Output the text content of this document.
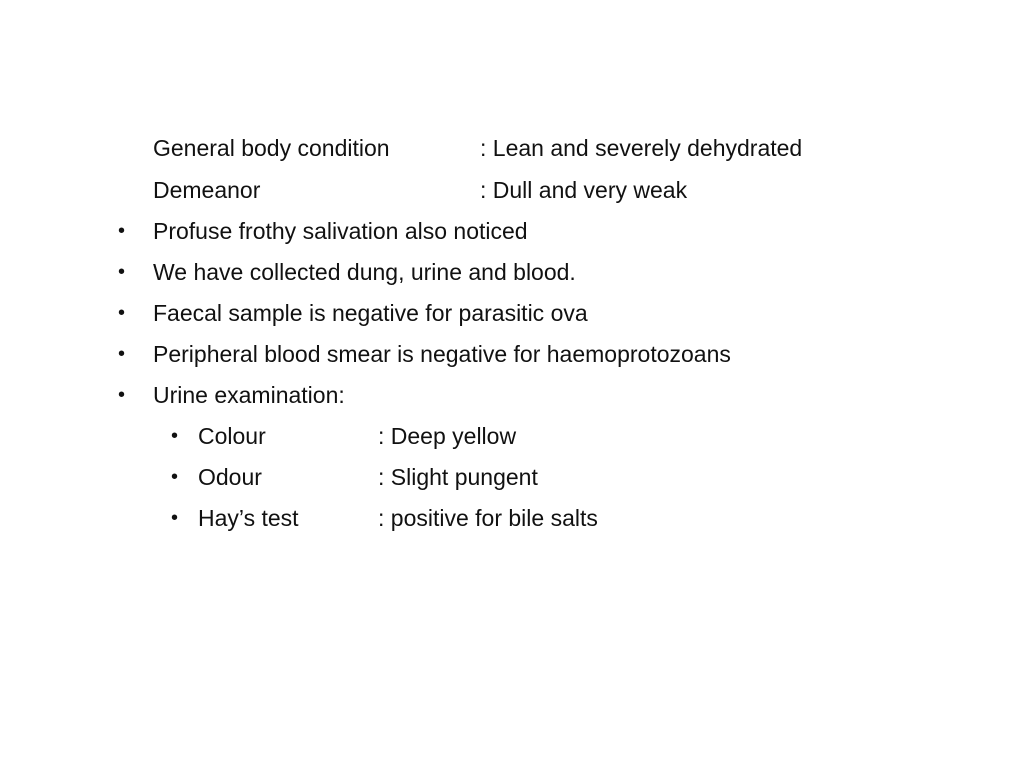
General body condition	: Lean and severely dehydrated
Demeanor	: Dull and very weak
• Profuse frothy salivation also noticed
• We have collected dung, urine and blood.
• Faecal sample is negative for parasitic ova
• Peripheral blood smear is negative for haemoprotozoans
• Urine examination:
• Colour	: Deep yellow
• Odour	: Slight pungent
• Hay’s test	: positive for bile salts
